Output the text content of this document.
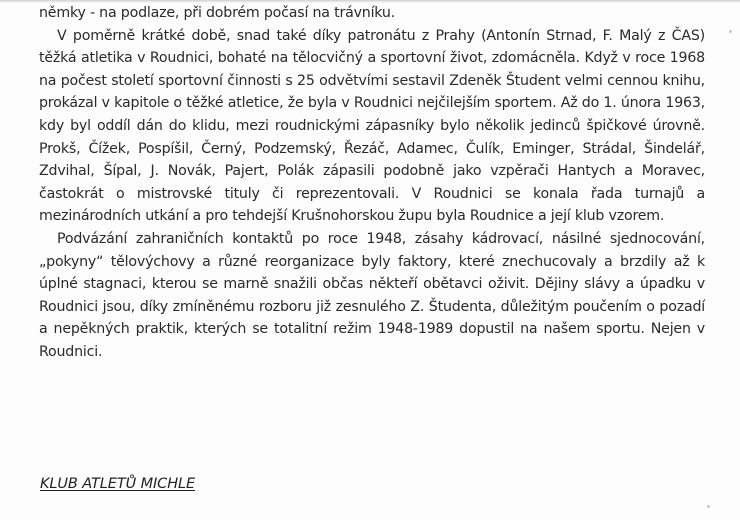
němky - na podlaze, při dobrém počasí na trávníku.

V poměrně krátké době, snad také díky patronátu z Prahy (Antonín Strnad, F. Malý z ČAS) těžká atletika v Roudnici, bohaté na tělocvičný a sportovní život, zdomácněla. Když v roce 1968 na počest století sportovní činnosti s 25 odvětvími sestavil Zdeněk Študent velmi cennou knihu, prokázal v kapitole o těžké atletice, že byla v Roudnici nejčilejším sportem. Až do 1. února 1963, kdy byl oddíl dán do klidu, mezi roudnickými zápasníky bylo několik jedinců špičkové úrovně. Prokš, Čížek, Pospíšil, Černý, Podzemský, Řezáč, Adamec, Čulík, Eminger, Strádal, Šindelář, Zdvihal, Šípal, J. Novák, Pajert, Polák zápasili podobně jako vzpěrači Hantych a Moravec, častokrát o mistrovské tituly či reprezentovali. V Roudnici se konala řada turnajů a mezinárodních utkání a pro tehdejší Krušnohorskou župu byla Roudnice a její klub vzorem.

Podvázání zahraničních kontaktů po roce 1948, zásahy kádrovací, násilné sjednocování, „pokyny“ tělovýchovy a různé reorganizace byly faktory, které znechucovaly a brzdily až k úplné stagnaci, kterou se marně snažili občas někteří obětavci oživit. Dějiny slávy a úpadku v Roudnici jsou, díky zmíněnému rozboru již zesnulého Z. Študenta, důležitým poučením o pozadí a nepěkných praktik, kterých se totalitní režim 1948-1989 dopustil na našem sportu. Nejen v Roudnici.

KLUB ATLETŮ MICHLE
